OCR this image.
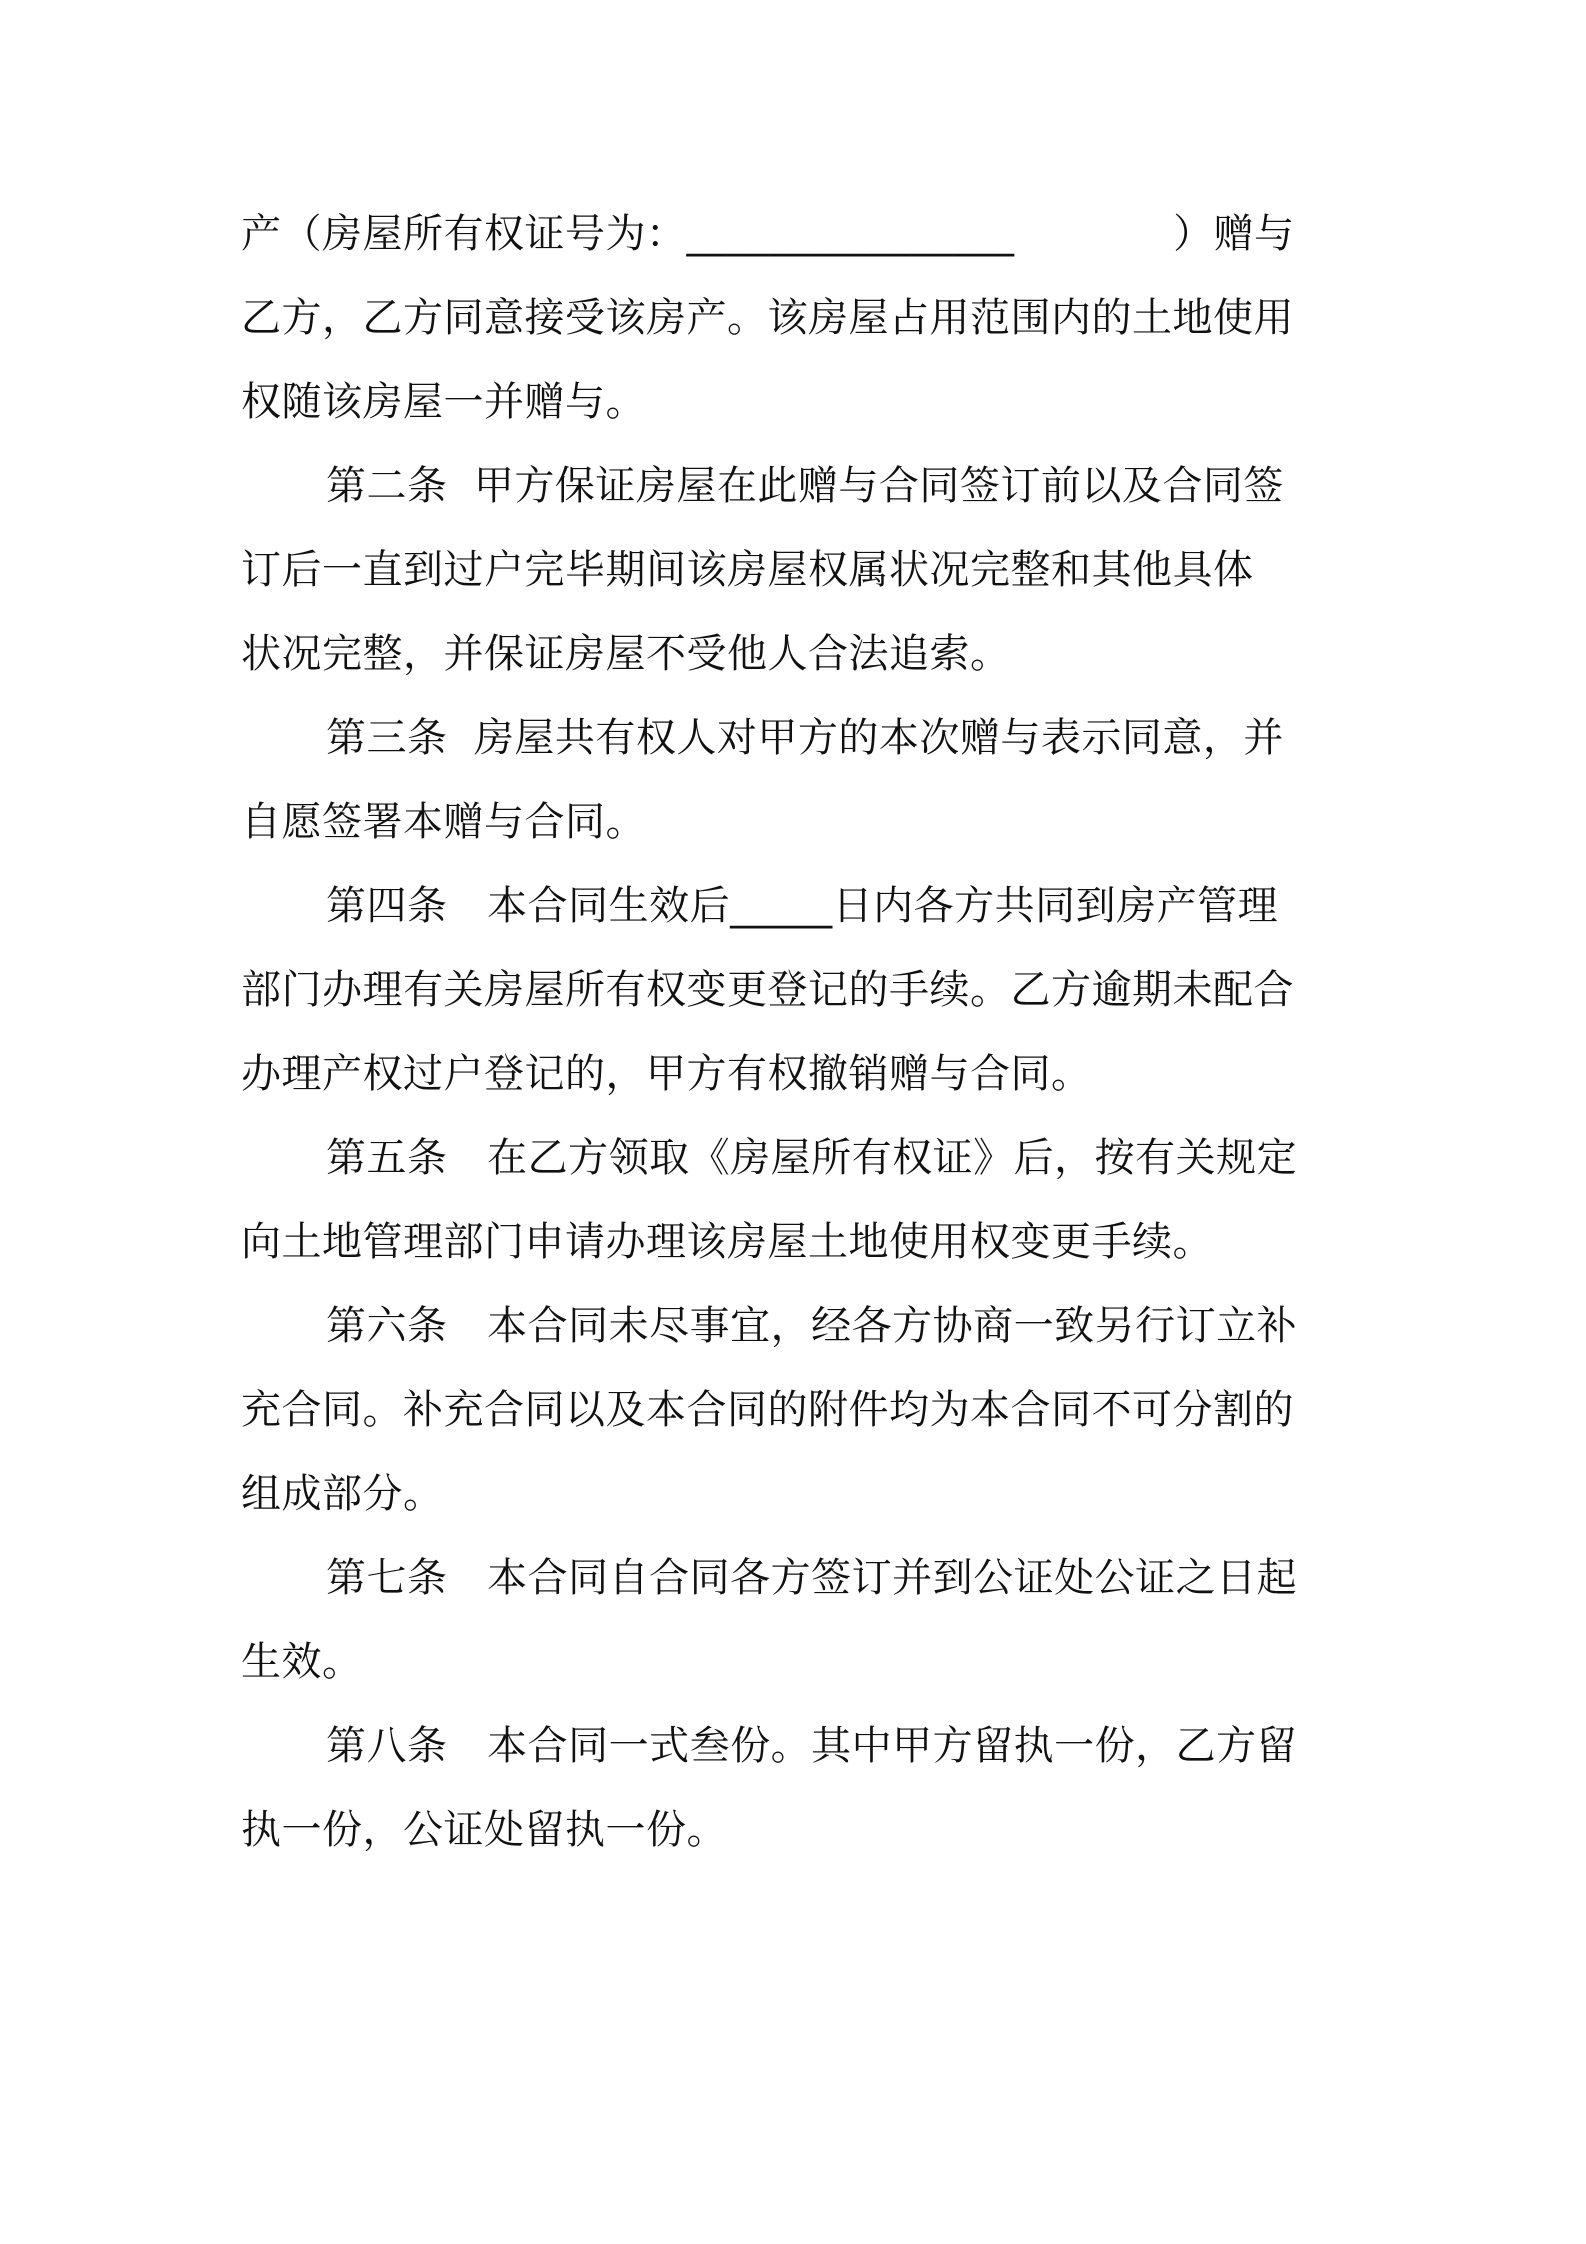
产（房屋所有权证号为：________________            ）赠与
乙方，乙方同意接受该房产。该房屋占用范围内的土地使用
权随该房屋一并赠与。
第二条  甲方保证房屋在此赠与合同签订前以及合同签
订后一直到过户完毕期间该房屋权属状况完整和其他具体
状况完整，并保证房屋不受他人合法追索。
第三条  房屋共有权人对甲方的本次赠与表示同意，并
自愿签署本赠与合同。
第四条   本合同生效后_____日内各方共同到房产管理
部门办理有关房屋所有权变更登记的手续。乙方逾期未配合
办理产权过户登记的，甲方有权撤销赠与合同。
第五条   在乙方领取《房屋所有权证》后，按有关规定
向土地管理部门申请办理该房屋土地使用权变更手续。
第六条   本合同未尽事宜，经各方协商一致另行订立补
充合同。补充合同以及本合同的附件均为本合同不可分割的
组成部分。
第七条   本合同自合同各方签订并到公证处公证之日起
生效。
第八条   本合同一式叁份。其中甲方留执一份，乙方留
执一份，公证处留执一份。
